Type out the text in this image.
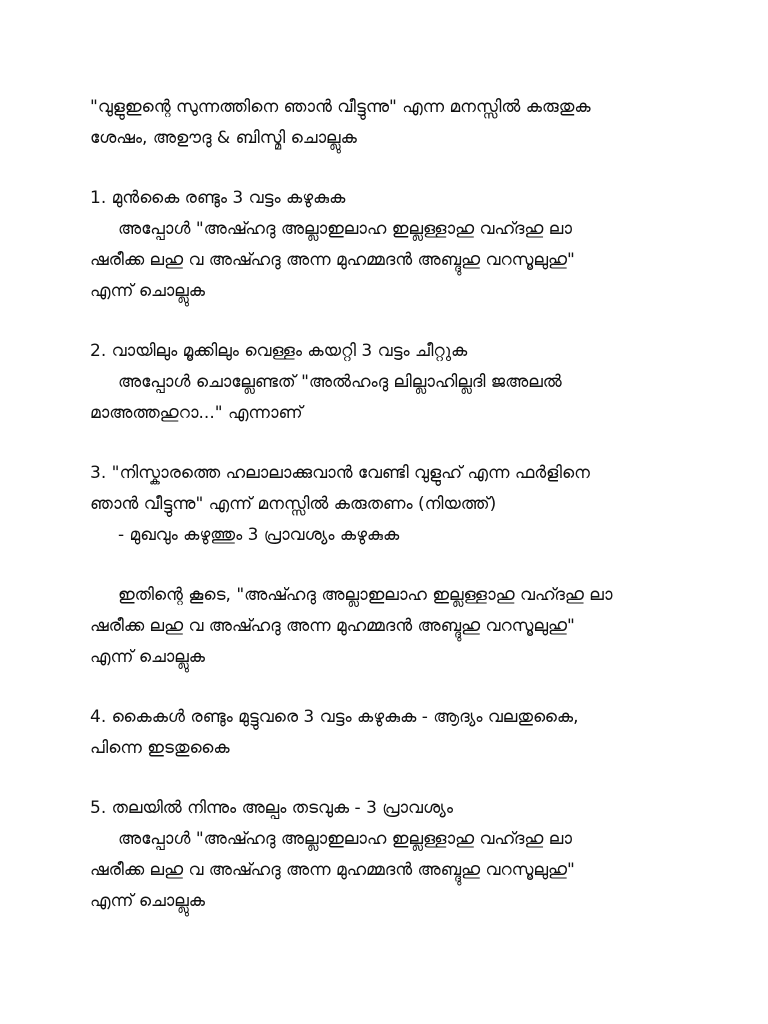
"വുളുഇന്റെ സുന്നത്തിനെ ഞാൻ വീട്ടുന്നു" എന്ന മനസ്സിൽ കരുതുക

ശേഷം, അഊദു & ബിസ്മി ചൊല്ലുക

1. മുൻകൈ രണ്ടും 3 വട്ടം കഴുകുക

അപ്പോൾ "അഷ്ഹദു അല്ലാഇലാഹ ഇല്ലള്ളാഹു വഹ്ദഹു ലാ

ഷരീക്ക ലഹു വ അഷ്ഹദു അന്ന മുഹമ്മദൻ അബ്ദുഹു വറസൂലുഹു"

എന്ന് ചൊല്ലുക

2. വായിലും മൂക്കിലും വെള്ളം കയറ്റി 3 വട്ടം ചീറ്റുക

അപ്പോൾ ചൊല്ലേണ്ടത് "അൽഹംദു ലില്ലാഹില്ലദി ജഅലൽ

മാഅത്തഹുറാ..." എന്നാണ്

3. "നിസ്കാരത്തെ ഹലാലാക്കുവാൻ വേണ്ടി വുളുഹ് എന്ന ഫർളിനെ

ഞാൻ വീട്ടുന്നു" എന്ന് മനസ്സിൽ കരുതണം (നിയത്ത്)

- മുഖവും കഴുത്തും 3 പ്രാവശ്യം കഴുകുക

ഇതിന്റെ കൂടെ, "അഷ്ഹദു അല്ലാഇലാഹ ഇല്ലള്ളാഹു വഹ്ദഹു ലാ

ഷരീക്ക ലഹു വ അഷ്ഹദു അന്ന മുഹമ്മദൻ അബ്ദുഹു വറസൂലുഹു"

എന്ന് ചൊല്ലുക

4. കൈകൾ രണ്ടും മുട്ടുവരെ 3 വട്ടം കഴുകുക - ആദ്യം വലതുകൈ,

പിന്നെ ഇടതുകൈ

5. തലയിൽ നിന്നും അല്പം തടവുക - 3 പ്രാവശ്യം

അപ്പോൾ "അഷ്ഹദു അല്ലാഇലാഹ ഇല്ലള്ളാഹു വഹ്ദഹു ലാ

ഷരീക്ക ലഹു വ അഷ്ഹദു അന്ന മുഹമ്മദൻ അബ്ദുഹു വറസൂലുഹു"

എന്ന് ചൊല്ലുക
